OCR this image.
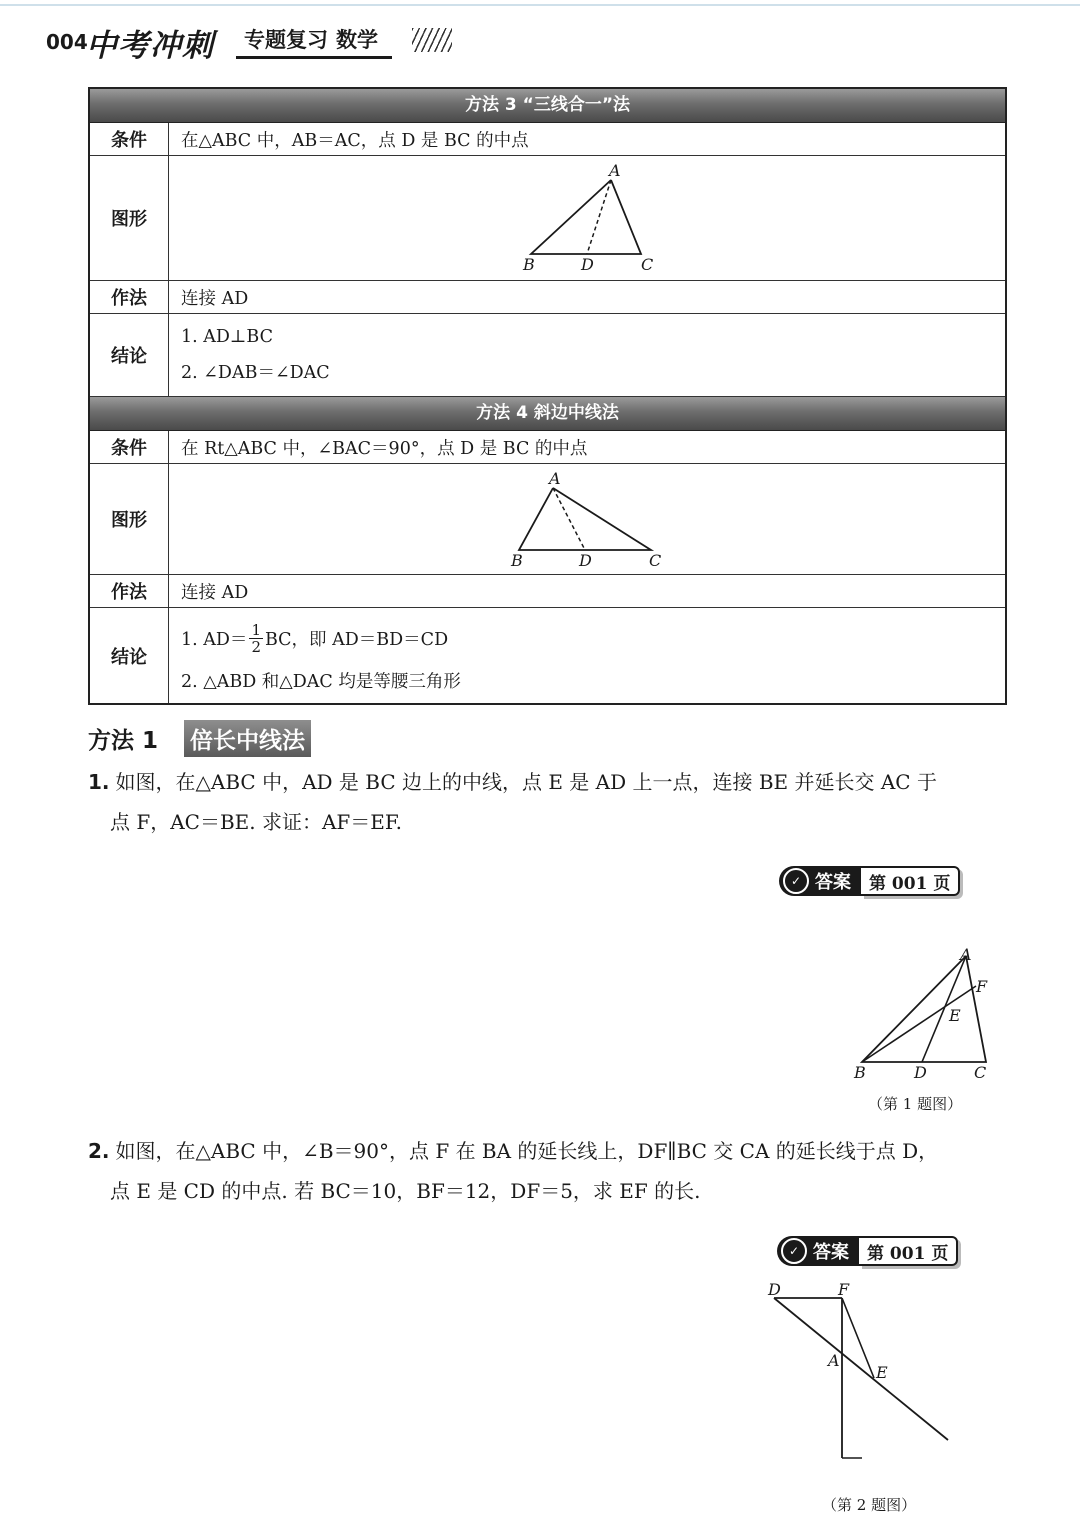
004
中考冲刺	专题复习 数学
方法 3 “三线合一”法
条件	在△ABC 中，AB＝AC，点 D 是 BC 的中点
图形
A
B	D	C
作法	连接 AD
结论
1. AD⊥BC
2. ∠DAB＝∠DAC
方法 4 斜边中线法
条件	在 Rt△ABC 中，∠BAC＝90°，点 D 是 BC 的中点
图形
A
B	D	C
作法	连接 AD
结论
1. $AD= \frac{1}{2}$ BC，即 AD＝BD＝CD
2. △ABD 和△DAC 均是等腰三角形
方法 1 倍长中线法
1. 如图，在△ABC 中，AD 是 BC 边上的中线，点 E 是 AD 上一点，连接 BE 并延长交 AC 于
点 F，AC＝BE. 求证：AF＝EF.
✓ 答案	第 001 页
A
F
E
B	D	C
（第 1 题图）
2. 如图，在△ABC 中，∠B＝90°，点 F 在 BA 的延长线上，DF∥BC 交 CA 的延长线于点 D，
点 E 是 CD 的中点. 若 BC＝10，BF＝12，DF＝5，求 EF 的长.
✓ 答案	第 001 页
D	F
A
E
（第 2 题图）
